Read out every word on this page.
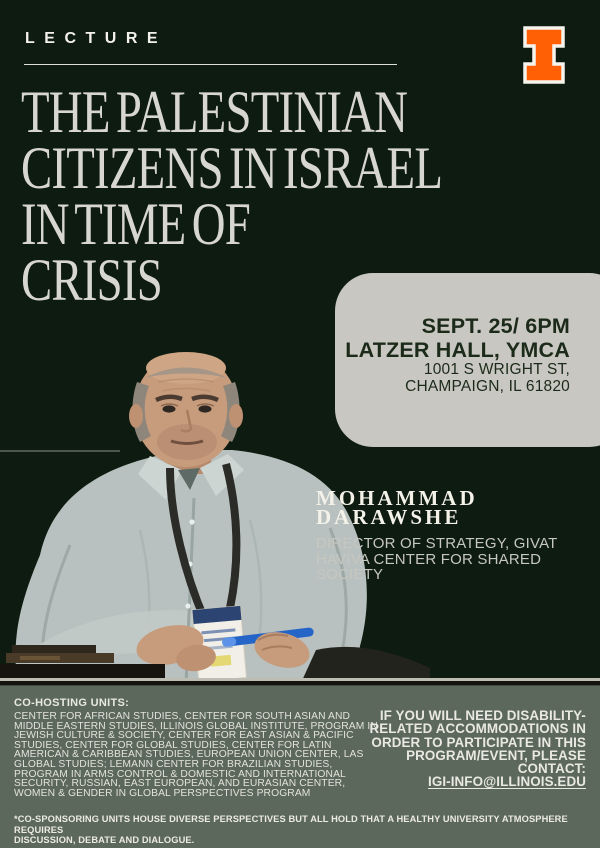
LECTURE
THE PALESTINIAN
CITIZENS IN ISRAEL
IN TIME OF
CRISIS
SEPT. 25/ 6PM
LATZER HALL, YMCA
1001 S WRIGHT ST,
CHAMPAIGN, IL 61820
MOHAMMAD
DARAWSHE
DIRECTOR OF STRATEGY, GIVAT
HAVIVA CENTER FOR SHARED
SOCIETY
CO-HOSTING UNITS:
CENTER FOR AFRICAN STUDIES, CENTER FOR SOUTH ASIAN AND
MIDDLE EASTERN STUDIES, ILLINOIS GLOBAL INSTITUTE, PROGRAM IN
JEWISH CULTURE & SOCIETY, CENTER FOR EAST ASIAN & PACIFIC
STUDIES, CENTER FOR GLOBAL STUDIES, CENTER FOR LATIN
AMERICAN & CARIBBEAN STUDIES, EUROPEAN UNION CENTER, LAS
GLOBAL STUDIES; LEMANN CENTER FOR BRAZILIAN STUDIES,
PROGRAM IN ARMS CONTROL & DOMESTIC AND INTERNATIONAL
SECURITY, RUSSIAN, EAST EUROPEAN, AND EURASIAN CENTER,
WOMEN & GENDER IN GLOBAL PERSPECTIVES PROGRAM
IF YOU WILL NEED DISABILITY-
RELATED ACCOMMODATIONS IN
ORDER TO PARTICIPATE IN THIS
PROGRAM/EVENT, PLEASE CONTACT:
IGI-INFO@ILLINOIS.EDU
*CO-SPONSORING UNITS HOUSE DIVERSE PERSPECTIVES BUT ALL HOLD THAT A HEALTHY UNIVERSITY ATMOSPHERE REQUIRES
DISCUSSION, DEBATE AND DIALOGUE.
